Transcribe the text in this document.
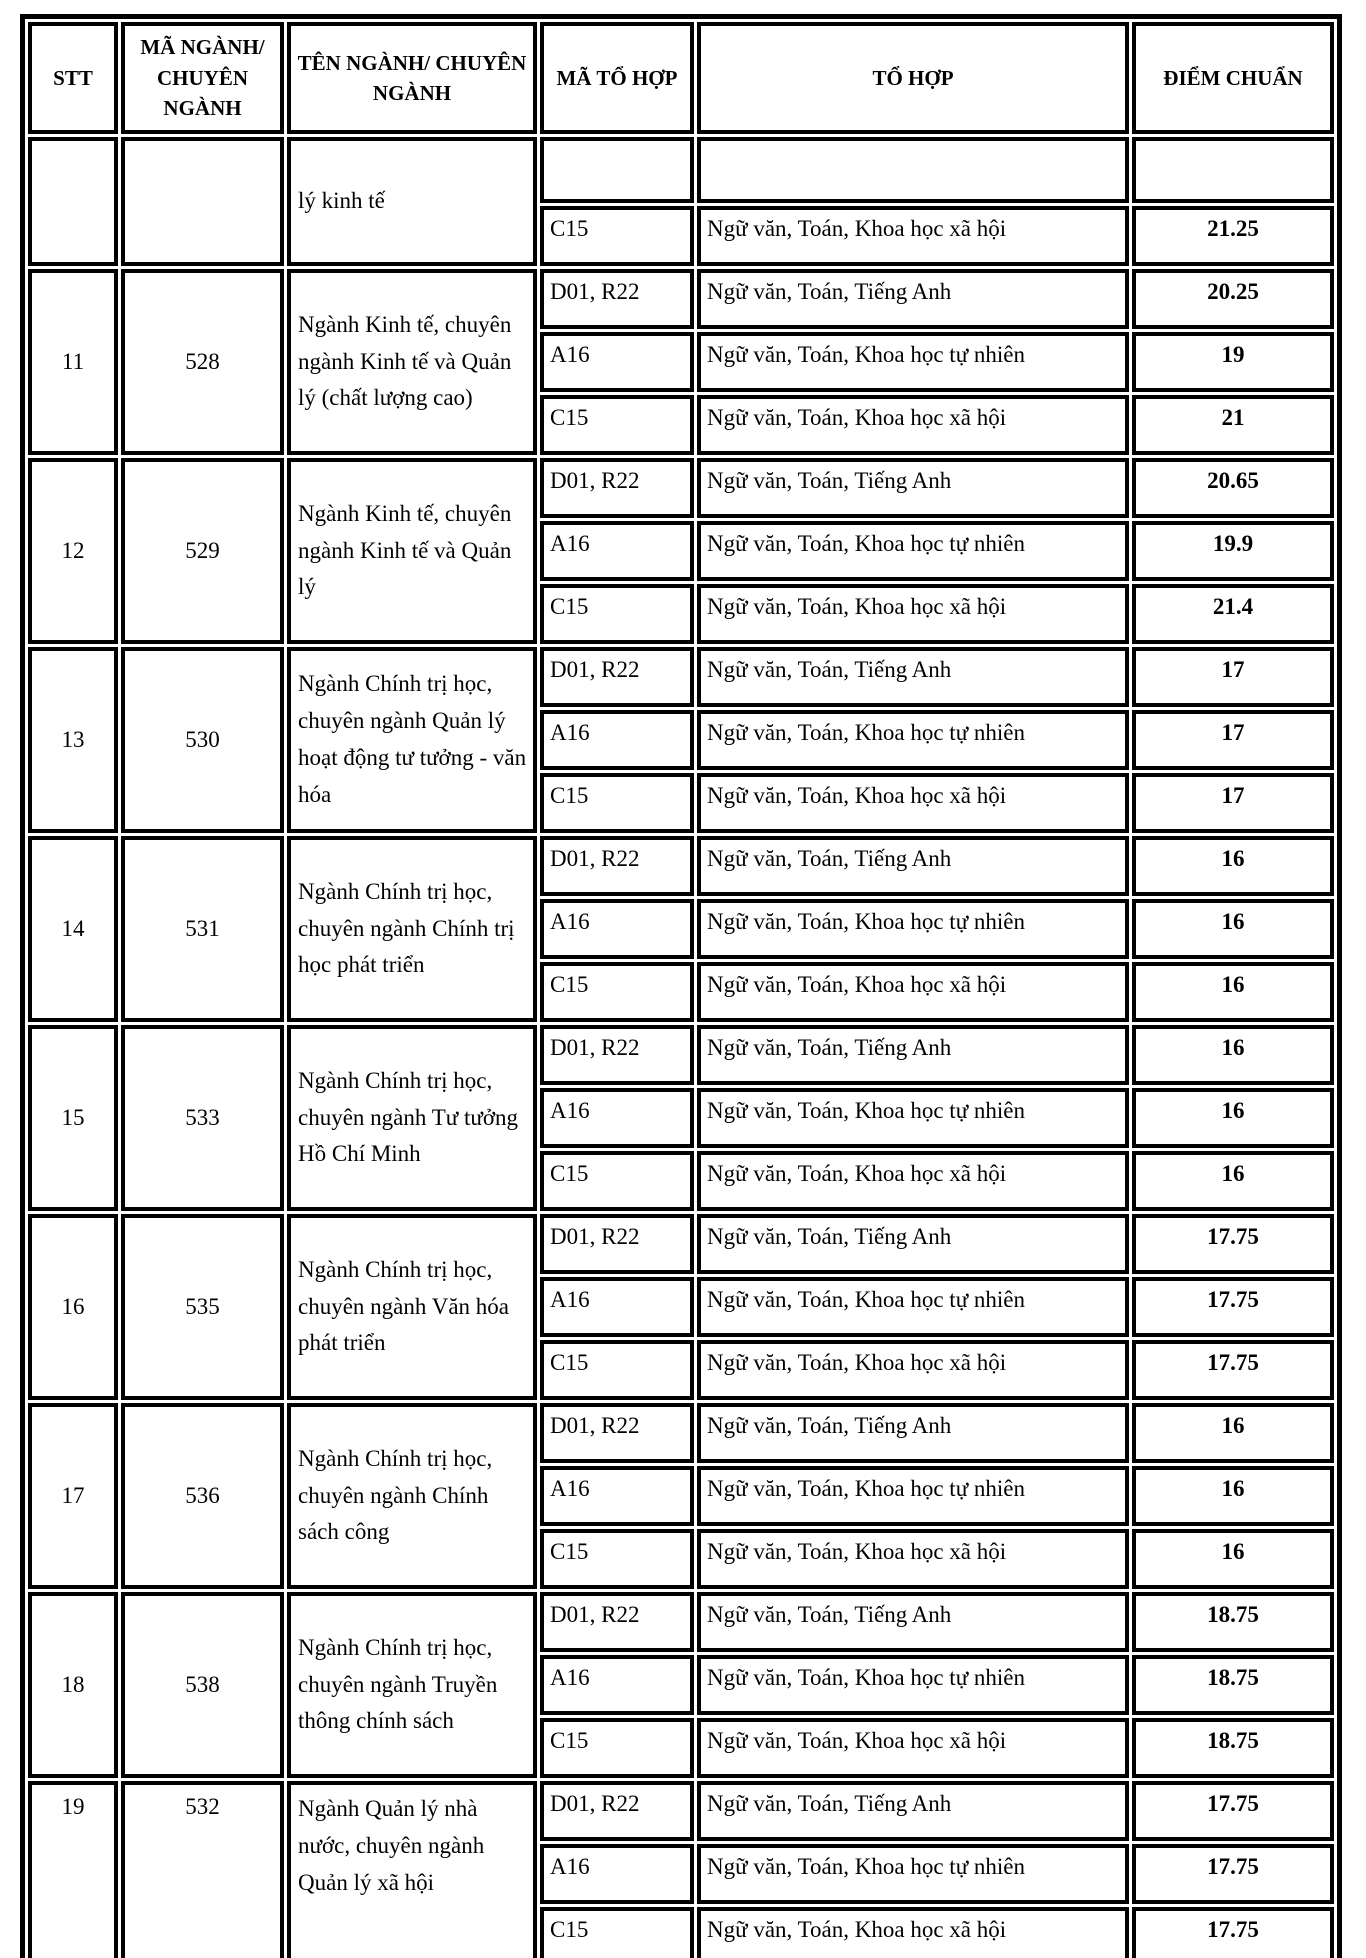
STT	MÃ NGÀNH/ CHUYÊN NGÀNH	TÊN NGÀNH/ CHUYÊN NGÀNH	MÃ TỔ HỢP	TỔ HỢP	ĐIỂM CHUẨN
		lý kinh tế			
			C15	Ngữ văn, Toán, Khoa học xã hội	21.25
11	528	Ngành Kinh tế, chuyên ngành Kinh tế và Quản lý (chất lượng cao)	D01, R22	Ngữ văn, Toán, Tiếng Anh	20.25
			A16	Ngữ văn, Toán, Khoa học tự nhiên	19
			C15	Ngữ văn, Toán, Khoa học xã hội	21
12	529	Ngành Kinh tế, chuyên ngành Kinh tế và Quản lý	D01, R22	Ngữ văn, Toán, Tiếng Anh	20.65
			A16	Ngữ văn, Toán, Khoa học tự nhiên	19.9
			C15	Ngữ văn, Toán, Khoa học xã hội	21.4
13	530	Ngành Chính trị học, chuyên ngành Quản lý hoạt động tư tưởng - văn hóa	D01, R22	Ngữ văn, Toán, Tiếng Anh	17
			A16	Ngữ văn, Toán, Khoa học tự nhiên	17
			C15	Ngữ văn, Toán, Khoa học xã hội	17
14	531	Ngành Chính trị học, chuyên ngành Chính trị học phát triển	D01, R22	Ngữ văn, Toán, Tiếng Anh	16
			A16	Ngữ văn, Toán, Khoa học tự nhiên	16
			C15	Ngữ văn, Toán, Khoa học xã hội	16
15	533	Ngành Chính trị học, chuyên ngành Tư tưởng Hồ Chí Minh	D01, R22	Ngữ văn, Toán, Tiếng Anh	16
			A16	Ngữ văn, Toán, Khoa học tự nhiên	16
			C15	Ngữ văn, Toán, Khoa học xã hội	16
16	535	Ngành Chính trị học, chuyên ngành Văn hóa phát triển	D01, R22	Ngữ văn, Toán, Tiếng Anh	17.75
			A16	Ngữ văn, Toán, Khoa học tự nhiên	17.75
			C15	Ngữ văn, Toán, Khoa học xã hội	17.75
17	536	Ngành Chính trị học, chuyên ngành Chính sách công	D01, R22	Ngữ văn, Toán, Tiếng Anh	16
			A16	Ngữ văn, Toán, Khoa học tự nhiên	16
			C15	Ngữ văn, Toán, Khoa học xã hội	16
18	538	Ngành Chính trị học, chuyên ngành Truyền thông chính sách	D01, R22	Ngữ văn, Toán, Tiếng Anh	18.75
			A16	Ngữ văn, Toán, Khoa học tự nhiên	18.75
			C15	Ngữ văn, Toán, Khoa học xã hội	18.75
19	532	Ngành Quản lý nhà nước, chuyên ngành Quản lý xã hội	D01, R22	Ngữ văn, Toán, Tiếng Anh	17.75
			A16	Ngữ văn, Toán, Khoa học tự nhiên	17.75
			C15	Ngữ văn, Toán, Khoa học xã hội	17.75
